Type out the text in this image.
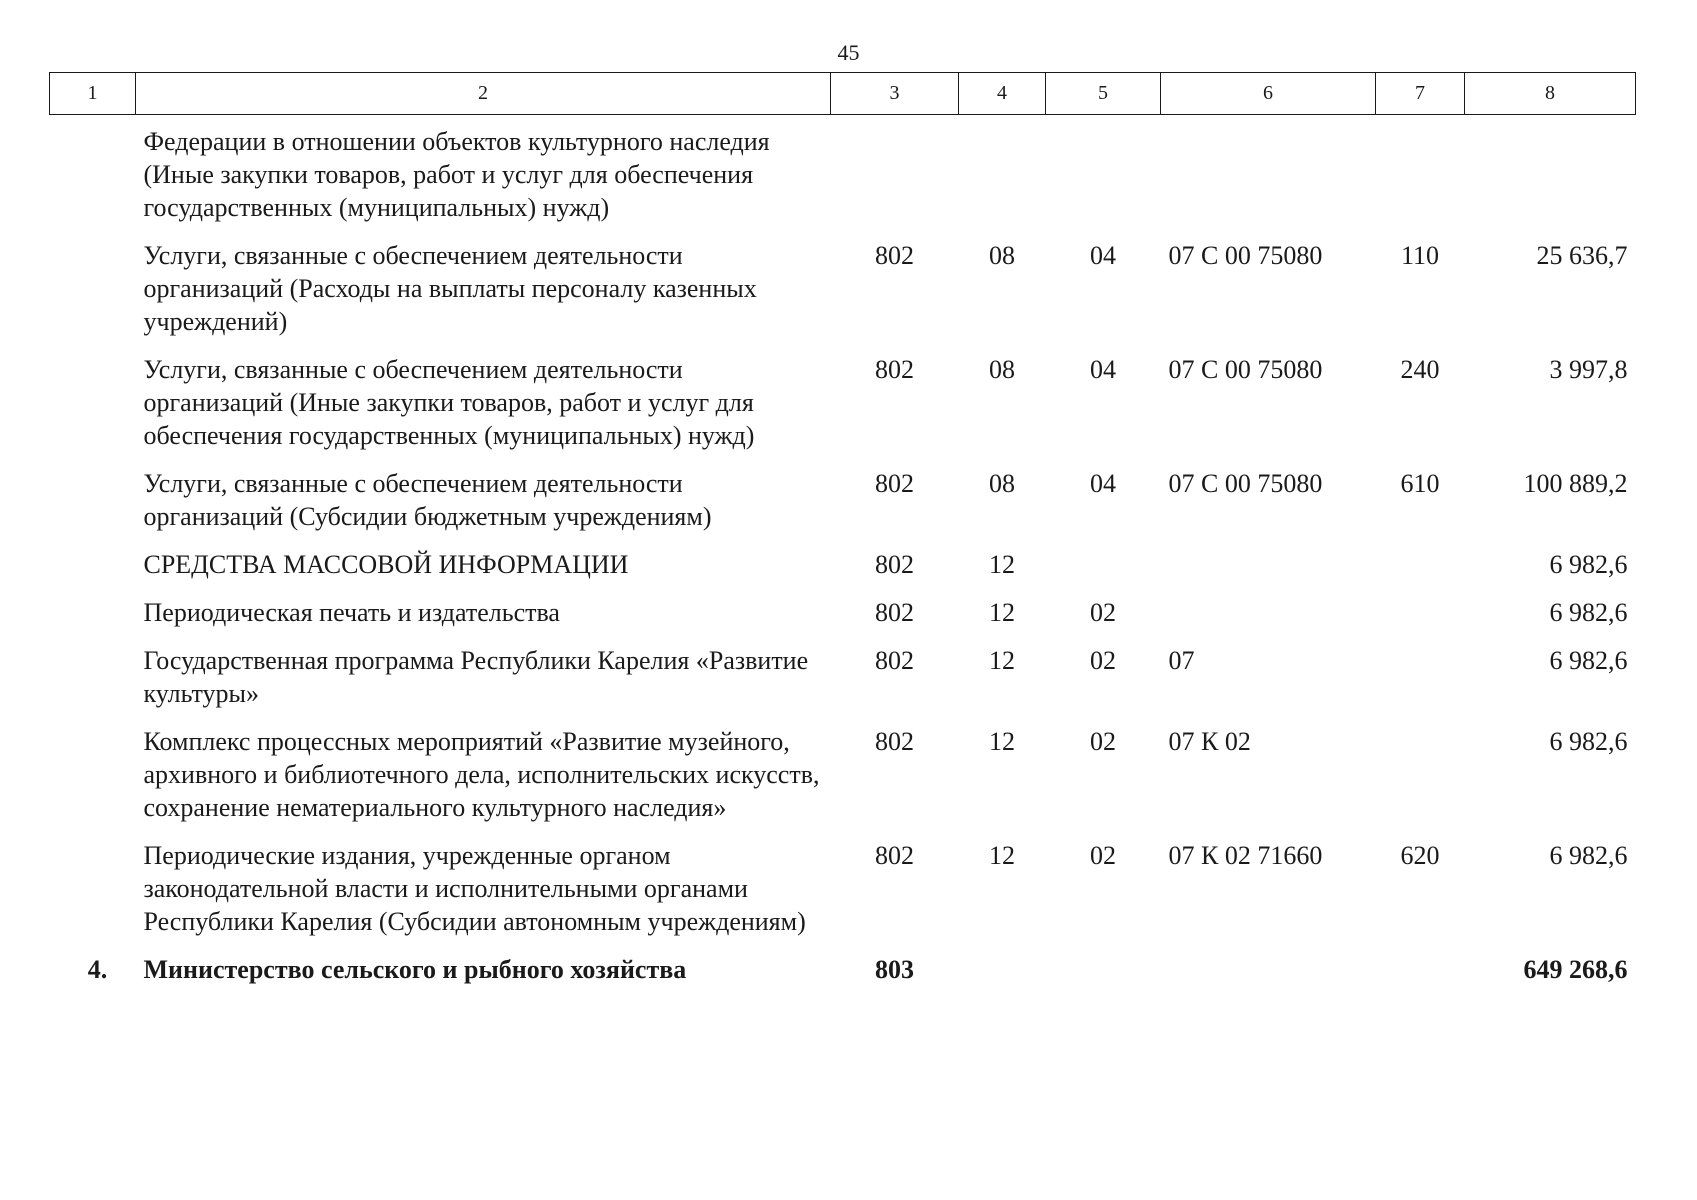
45
1	2	3	4	5	6	7	8
	Федерации в отношении объектов культурного наследия (Иные закупки товаров, работ и услуг для обеспечения государственных (муниципальных) нужд)						
	Услуги, связанные с обеспечением деятельности организаций (Расходы на выплаты персоналу казенных учреждений)	802	08	04	07 С 00 75080	110	25 636,7
	Услуги, связанные с обеспечением деятельности организаций (Иные закупки товаров, работ и услуг для обеспечения государственных (муниципальных) нужд)	802	08	04	07 С 00 75080	240	3 997,8
	Услуги, связанные с обеспечением деятельности организаций (Субсидии бюджетным учреждениям)	802	08	04	07 С 00 75080	610	100 889,2
	СРЕДСТВА МАССОВОЙ ИНФОРМАЦИИ	802	12				6 982,6
	Периодическая печать и издательства	802	12	02			6 982,6
	Государственная программа Республики Карелия «Развитие культуры»	802	12	02	07		6 982,6
	Комплекс процессных мероприятий «Развитие музейного, архивного и библиотечного дела, исполнительских искусств, сохранение нематериального культурного наследия»	802	12	02	07 К 02		6 982,6
	Периодические издания, учрежденные органом законодательной власти и исполнительными органами Республики Карелия (Субсидии автономным учреждениям)	802	12	02	07 К 02 71660	620	6 982,6
4.	Министерство сельского и рыбного хозяйства	803					649 268,6
